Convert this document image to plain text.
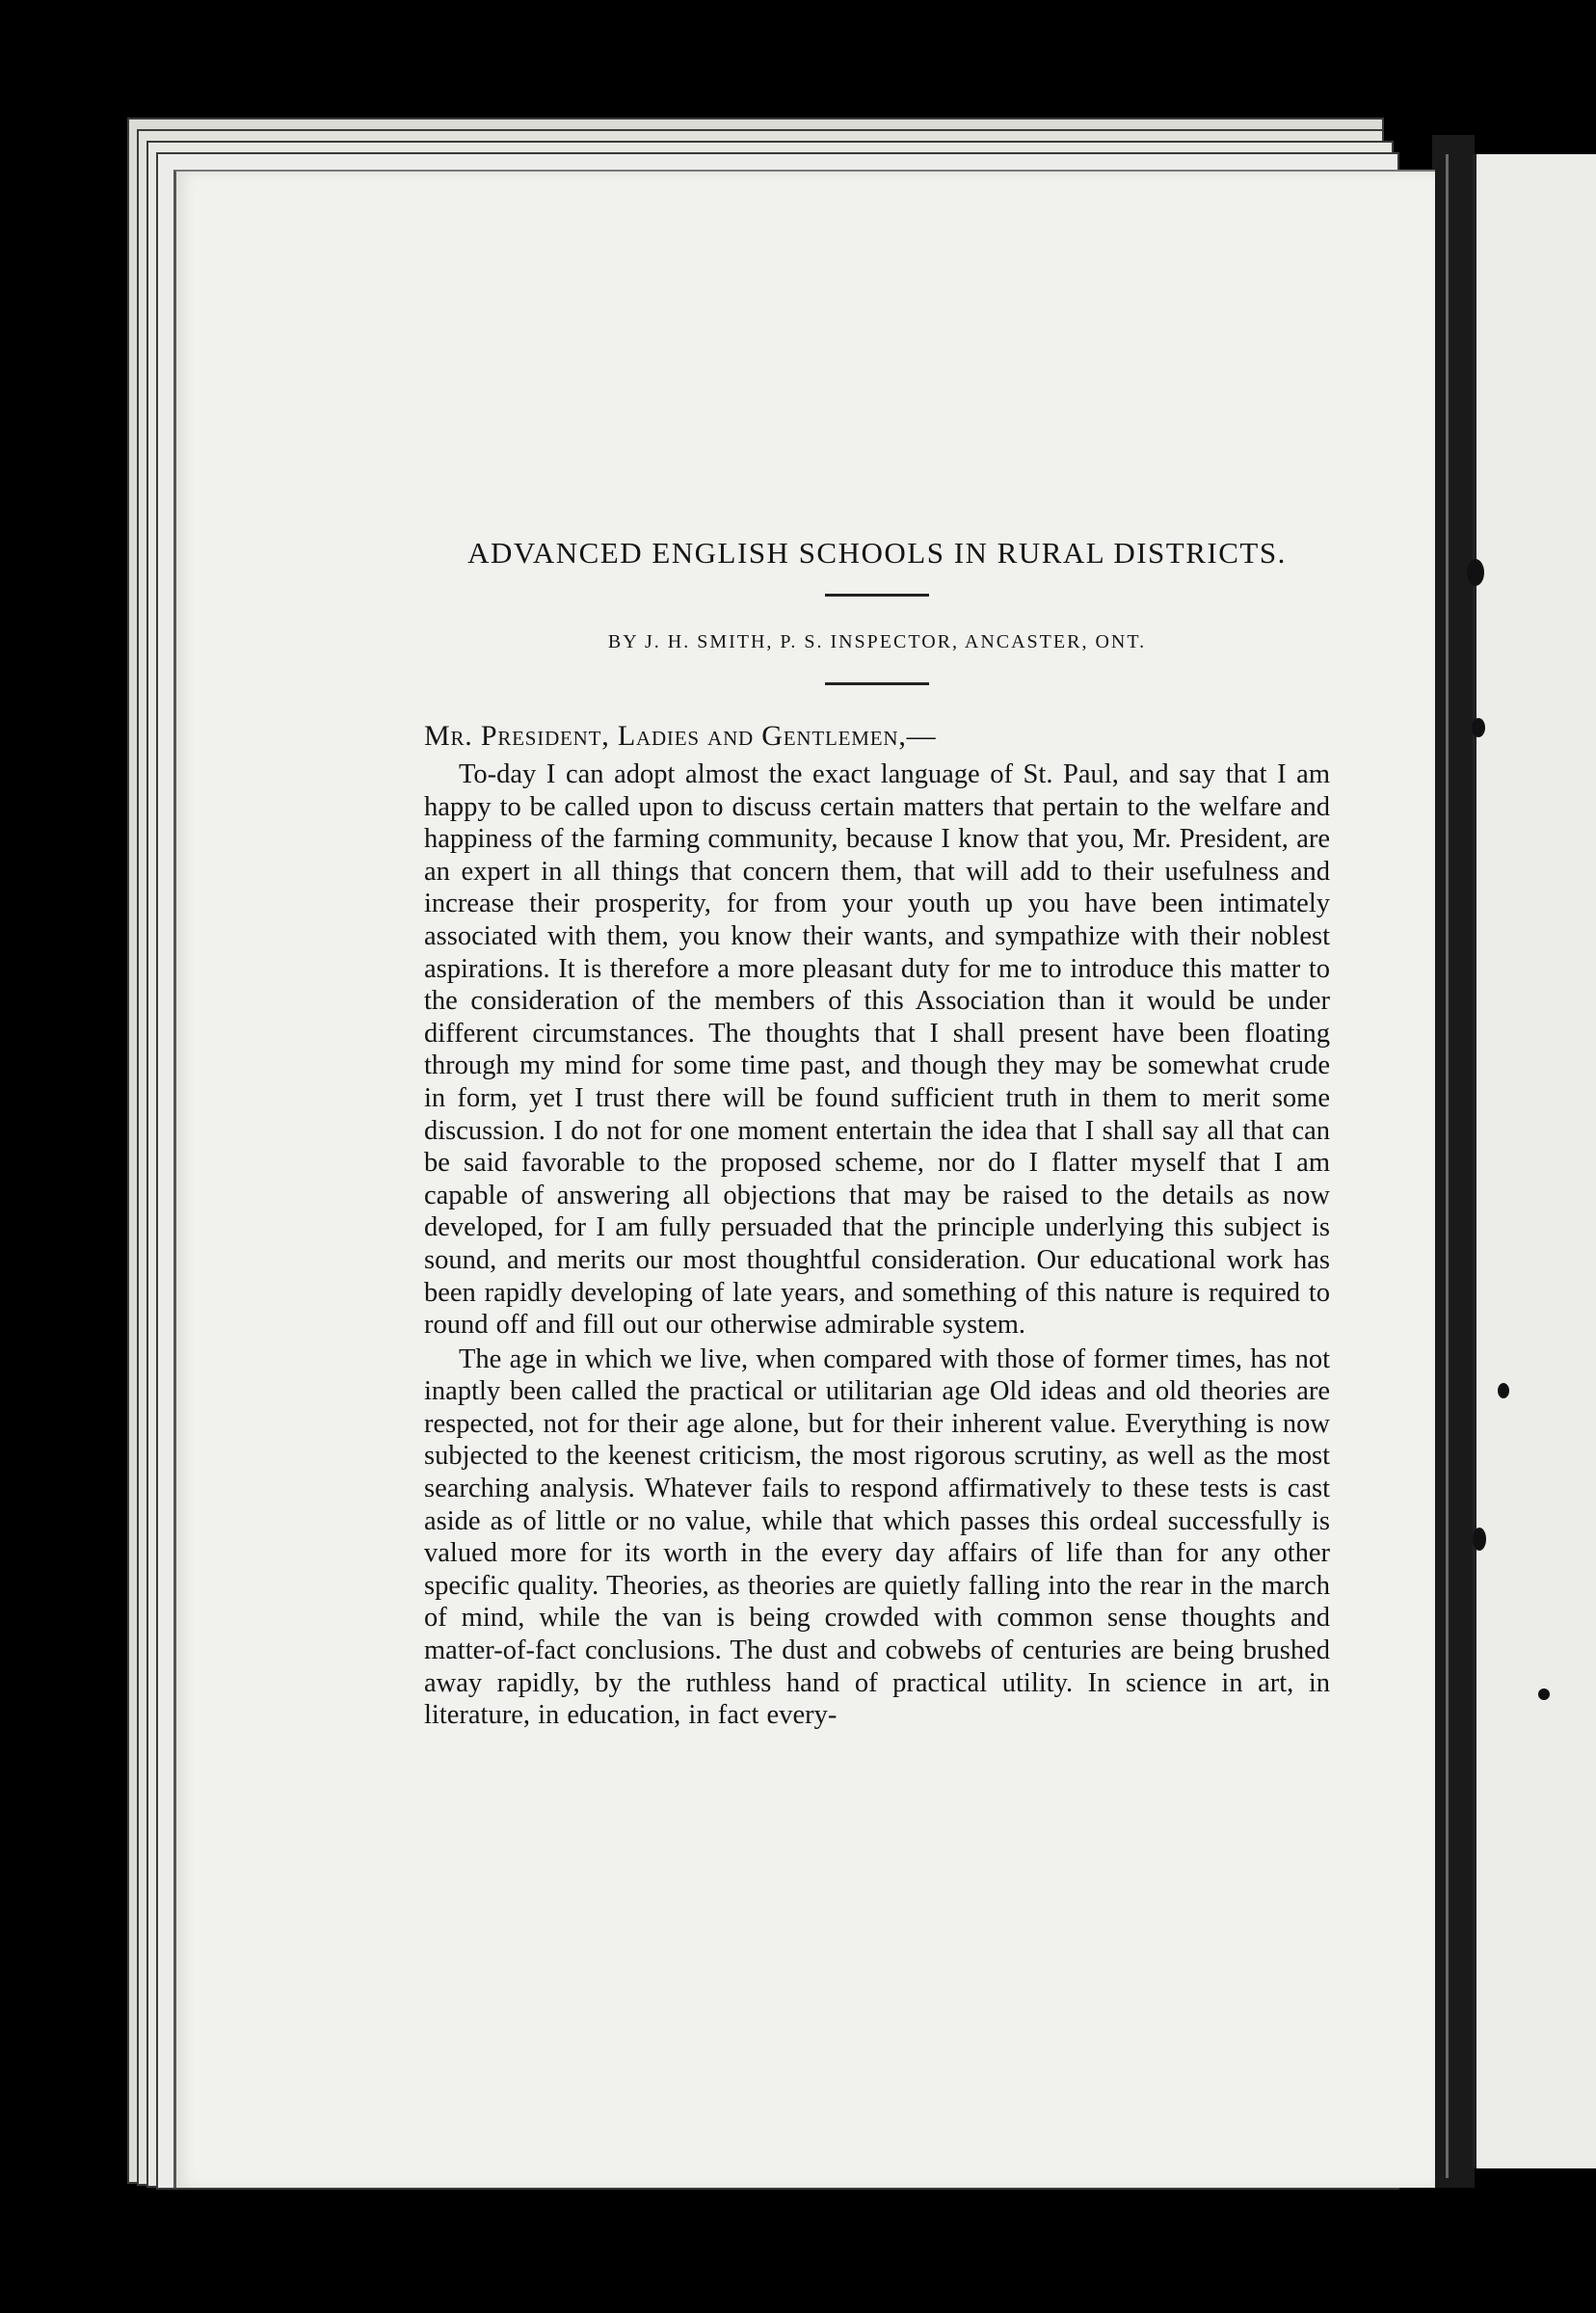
ADVANCED ENGLISH SCHOOLS IN RURAL DISTRICTS.
BY J. H. SMITH, P. S. INSPECTOR, ANCASTER, ONT.
Mr. President, Ladies and Gentlemen,—

To-day I can adopt almost the exact language of St. Paul, and say that I am happy to be called upon to discuss certain matters that pertain to the welfare and happiness of the farming community, because I know that you, Mr. President, are an expert in all things that concern them, that will add to their usefulness and increase their prosperity, for from your youth up you have been intimately associated with them, you know their wants, and sympathize with their noblest aspirations. It is therefore a more pleasant duty for me to introduce this matter to the consideration of the members of this Association than it would be under different circumstances. The thoughts that I shall present have been floating through my mind for some time past, and though they may be somewhat crude in form, yet I trust there will be found sufficient truth in them to merit some discussion. I do not for one moment entertain the idea that I shall say all that can be said favorable to the proposed scheme, nor do I flatter myself that I am capable of answering all objections that may be raised to the details as now developed, for I am fully persuaded that the principle underlying this subject is sound, and merits our most thoughtful consideration. Our educational work has been rapidly developing of late years, and something of this nature is required to round off and fill out our otherwise admirable system.

The age in which we live, when compared with those of former times, has not inaptly been called the practical or utilitarian age Old ideas and old theories are respected, not for their age alone, but for their inherent value. Everything is now subjected to the keenest criticism, the most rigorous scrutiny, as well as the most searching analysis. Whatever fails to respond affirmatively to these tests is cast aside as of little or no value, while that which passes this ordeal successfully is valued more for its worth in the every day affairs of life than for any other specific quality. Theories, as theories are quietly falling into the rear in the march of mind, while the van is being crowded with common sense thoughts and matter-of-fact conclusions. The dust and cobwebs of centuries are being brushed away rapidly, by the ruthless hand of practical utility. In science in art, in literature, in education, in fact every-
